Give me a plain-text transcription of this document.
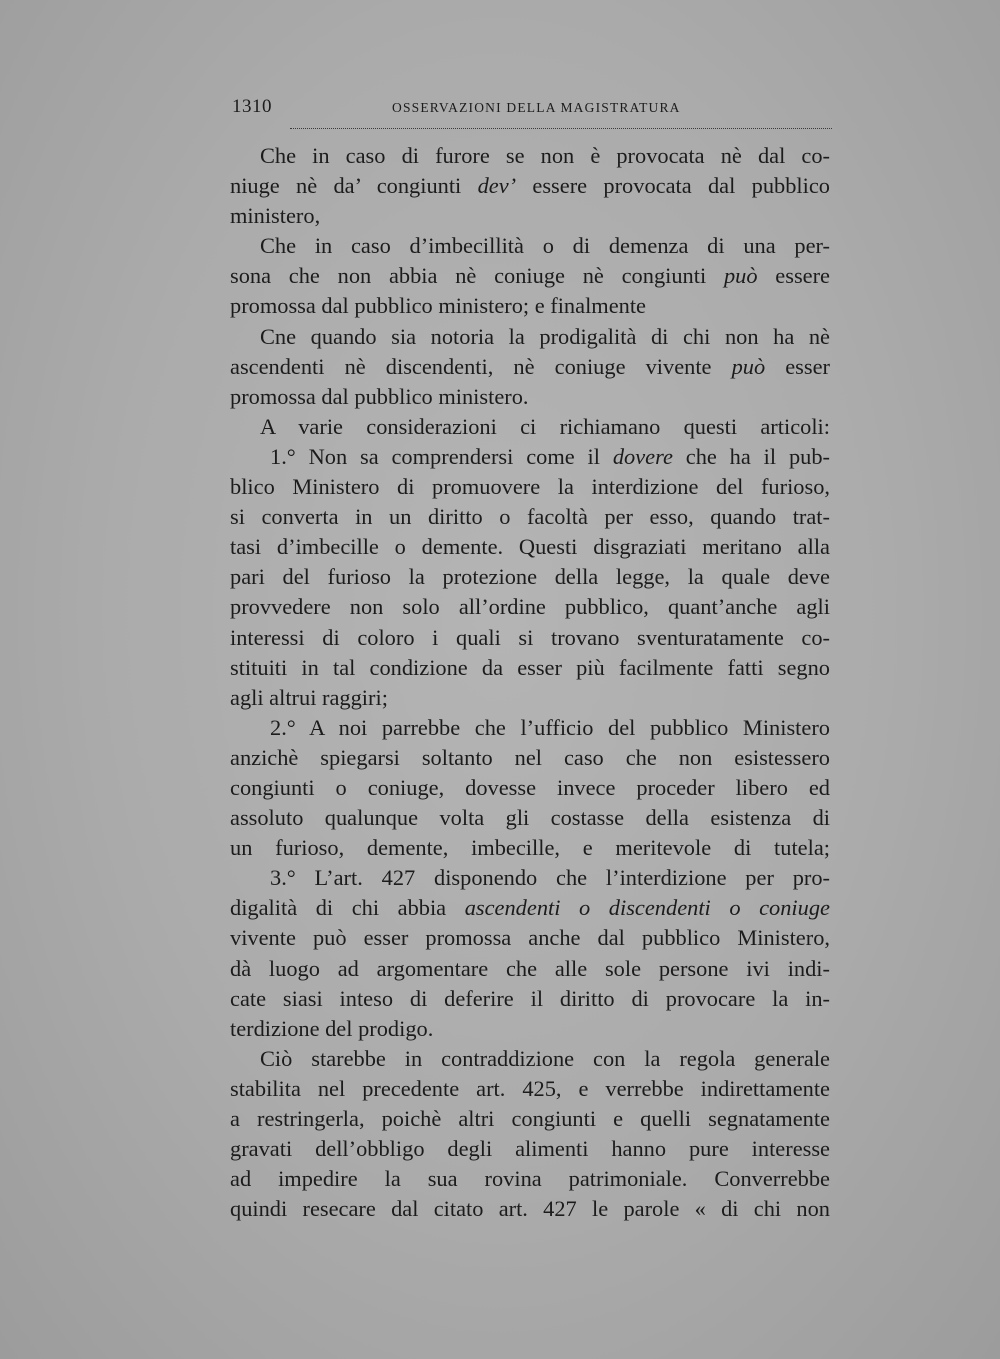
1310	OSSERVAZIONI DELLA MAGISTRATURA
Che in caso di furore se non è provocata nè dal co-
niuge nè da’ congiunti dev’ essere provocata dal pubblico
ministero,
Che in caso d’imbecillità o di demenza di una per-
sona che non abbia nè coniuge nè congiunti può essere
promossa dal pubblico ministero; e finalmente
Cne quando sia notoria la prodigalità di chi non ha nè
ascendenti nè discendenti, nè coniuge vivente può esser
promossa dal pubblico ministero.
A varie considerazioni ci richiamano questi articoli:
1.° Non sa comprendersi come il dovere che ha il pub-
blico Ministero di promuovere la interdizione del furioso,
si converta in un diritto o facoltà per esso, quando trat-
tasi d’imbecille o demente. Questi disgraziati meritano alla
pari del furioso la protezione della legge, la quale deve
provvedere non solo all’ordine pubblico, quant’anche agli
interessi di coloro i quali si trovano sventuratamente co-
stituiti in tal condizione da esser più facilmente fatti segno
agli altrui raggiri;
2.° A noi parrebbe che l’ufficio del pubblico Ministero
anzichè spiegarsi soltanto nel caso che non esistessero
congiunti o coniuge, dovesse invece proceder libero ed
assoluto qualunque volta gli costasse della esistenza di
un furioso, demente, imbecille, e meritevole di tutela;
3.° L’art. 427 disponendo che l’interdizione per pro-
digalità di chi abbia ascendenti o discendenti o coniuge
vivente può esser promossa anche dal pubblico Ministero,
dà luogo ad argomentare che alle sole persone ivi indi-
cate siasi inteso di deferire il diritto di provocare la in-
terdizione del prodigo.
Ciò starebbe in contraddizione con la regola generale
stabilita nel precedente art. 425, e verrebbe indirettamente
a restringerla, poichè altri congiunti e quelli segnatamente
gravati dell’obbligo degli alimenti hanno pure interesse
ad impedire la sua rovina patrimoniale. Converrebbe
quindi resecare dal citato art. 427 le parole « di chi non
